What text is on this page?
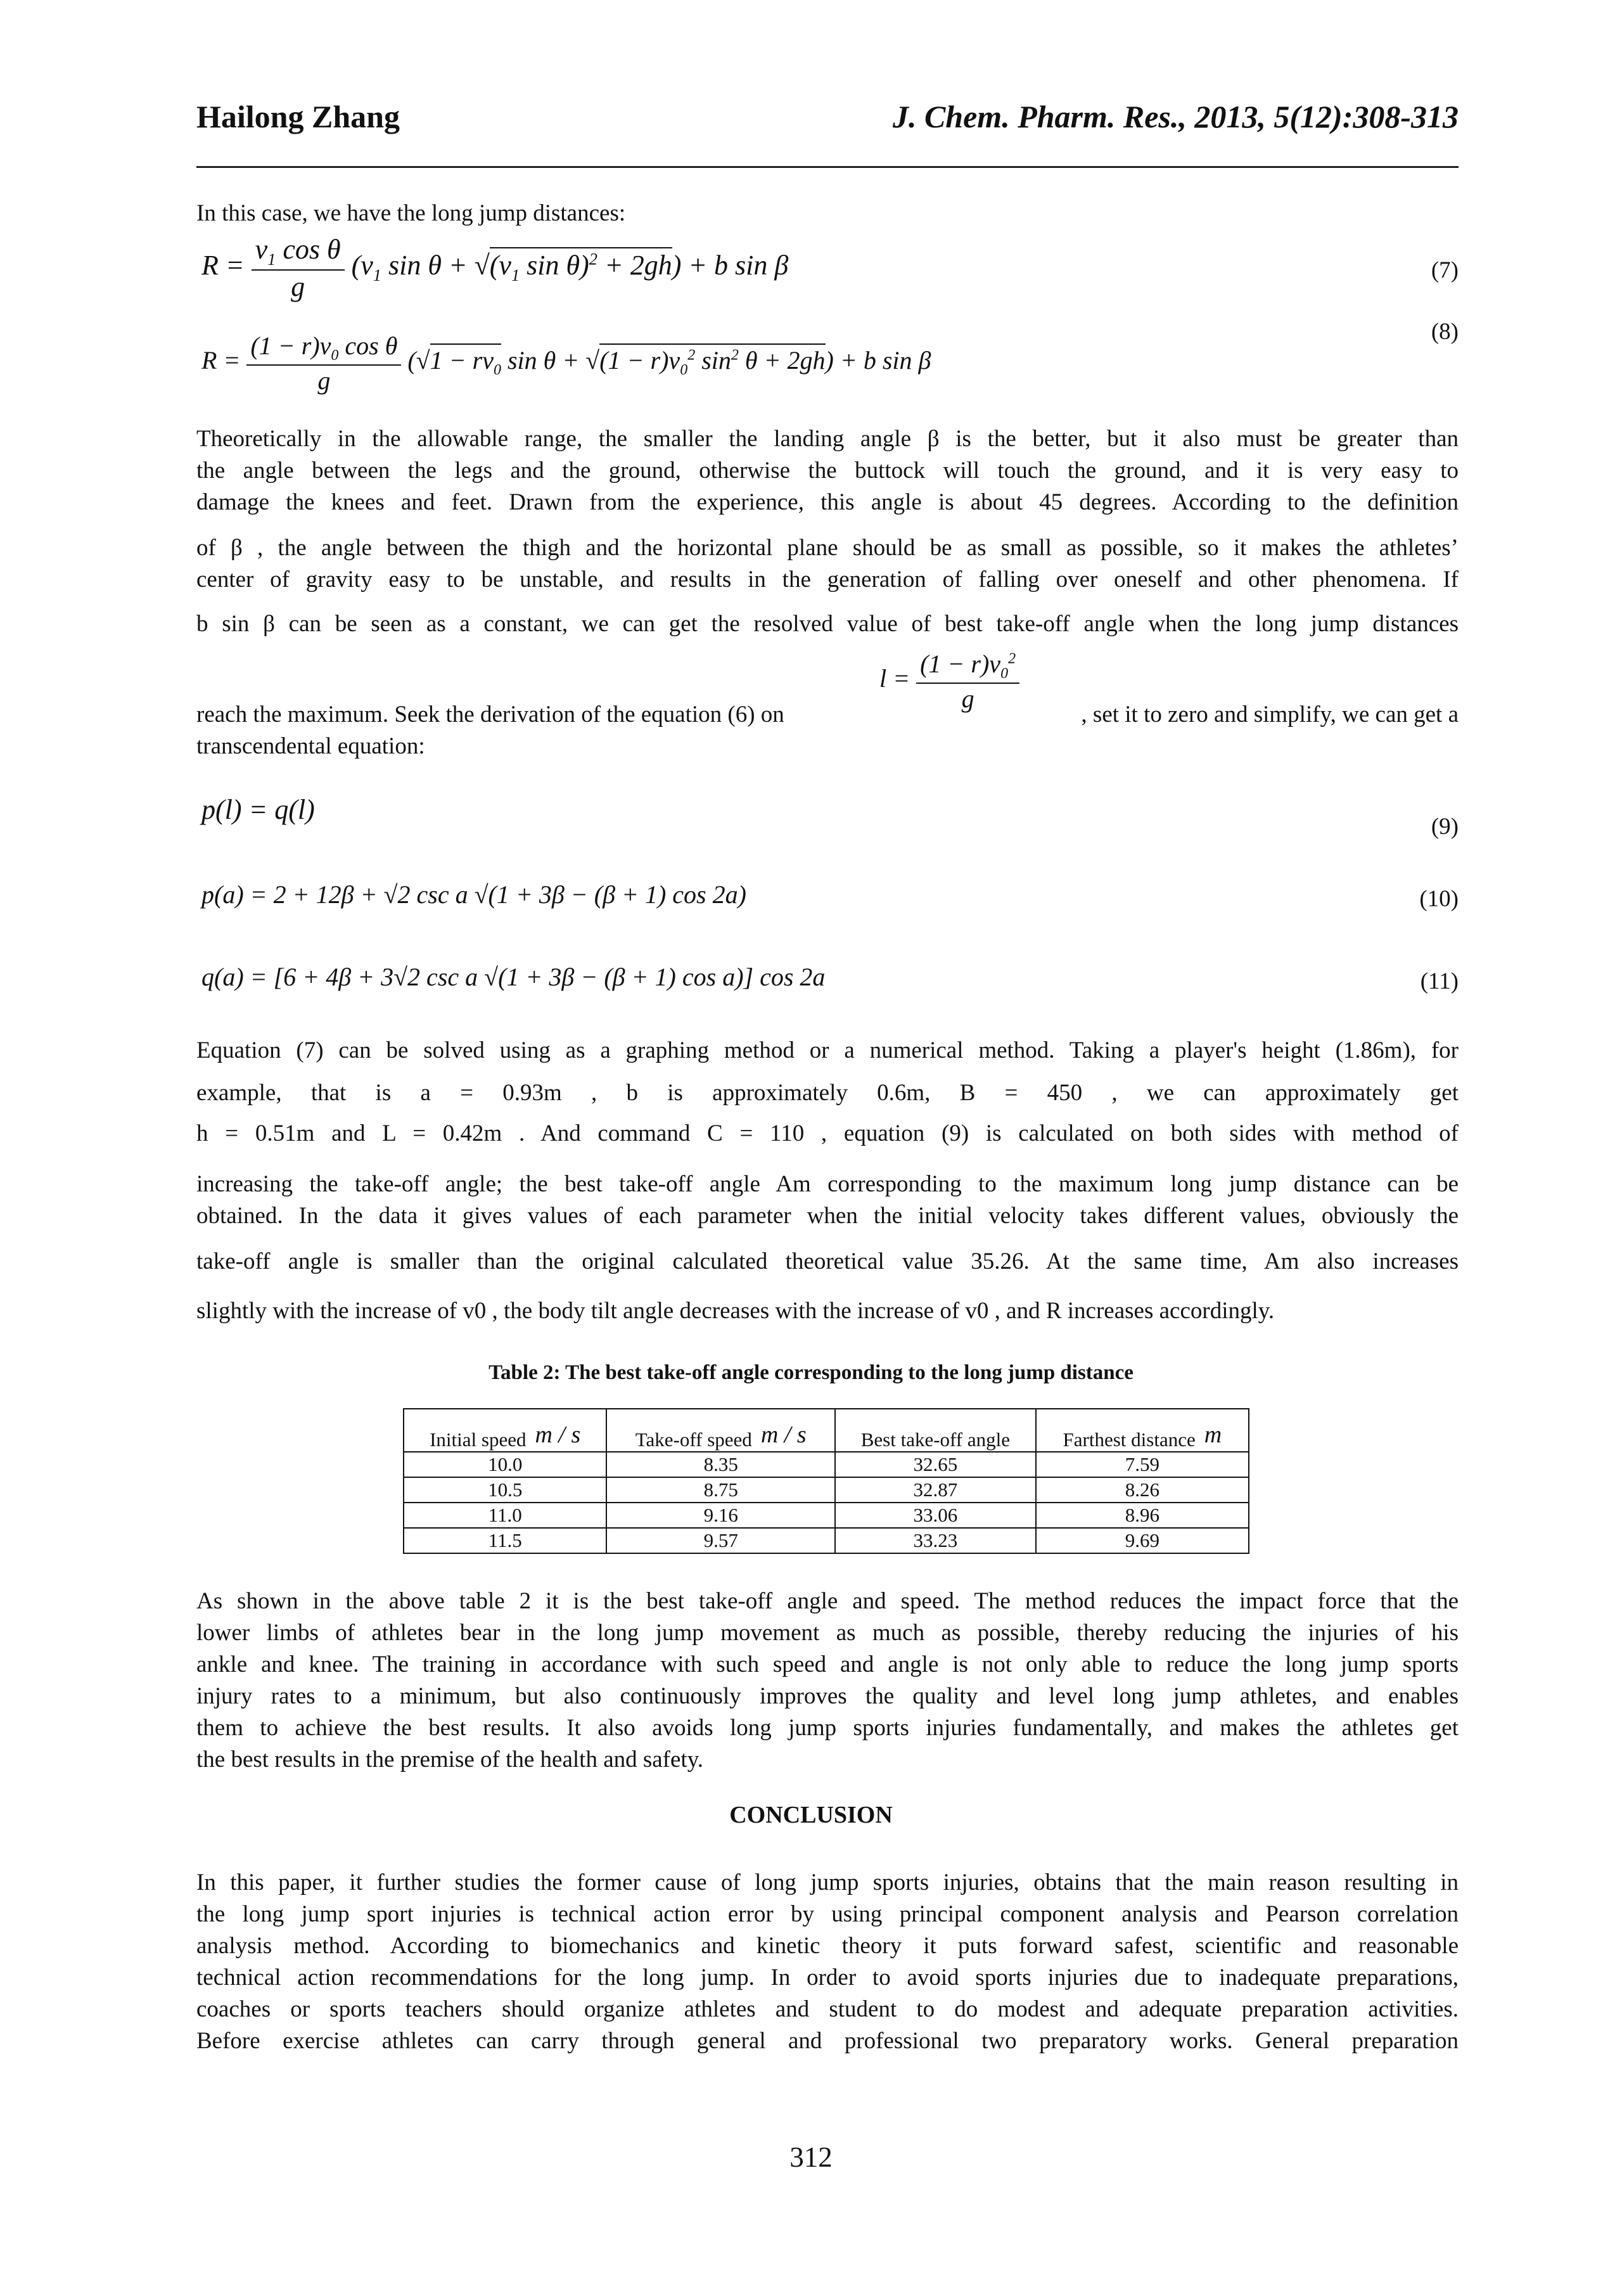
Hailong Zhang	J. Chem. Pharm. Res., 2013, 5(12):308-313
In this case, we have the long jump distances:
$R = \frac{v_1 \cos \theta}{g} (v_1$ $\sin \theta + √(v_1$ sin θ)$^2$ + 2gh) + b sin β	(7)
$R = \frac{(1 - r)v_0 \cos \theta}{g} (√1 - rv_0$ $\sin \theta + √(1 - r)v_0^2$ $\sin^2 \theta + 2gh) + b$ sin β
(8)
Theoretically in the allowable range, the smaller the landing angle β is the better, but it also must be greater than
the angle between the legs and the ground, otherwise the buttock will touch the ground, and it is very easy to
damage the knees and feet. Drawn from the experience, this angle is about 45 degrees. According to the definition
of β , the angle between the thigh and the horizontal plane should be as small as possible, so it makes the athletes’
center of gravity easy to be unstable, and results in the generation of falling over oneself and other phenomena. If
b sin β can be seen as a constant, we can get the resolved value of best take-off angle when the long jump distances
$l = \frac{(1 - r)v_0^2}{g}$
reach the maximum. Seek the derivation of the equation (6) on	, set it to zero and simplify, we can get a
transcendental equation:
p(l) = q(l)
(9)
p(a) = 2 + 12β + √2 csc a √(1 + 3β − (β + 1) cos 2a)	(10)
q(a) = [6 + 4β + 3√2 csc a √(1 + 3β − (β + 1) cos a)] cos 2a	(11)
Equation (7) can be solved using as a graphing method or a numerical method. Taking a player's height (1.86m), for
example, that is a = 0.93m , b is approximately 0.6m, B = 450 , we can approximately get
h = 0.51m and L = 0.42m . And command C = 110 , equation (9) is calculated on both sides with method of
increasing the take-off angle; the best take-off angle Am corresponding to the maximum long jump distance can be
obtained. In the data it gives values of each parameter when the initial velocity takes different values, obviously the
take-off angle is smaller than the original calculated theoretical value 35.26. At the same time, Am also increases
slightly with the increase of v0 , the body tilt angle decreases with the increase of v0 , and R increases accordingly.
Table 2: The best take-off angle corresponding to the long jump distance
Initial speed m / s	Take-off speed m / s	Best take-off angle	Farthest distance m
10.0	8.35	32.65	7.59
10.5	8.75	32.87	8.26
11.0	9.16	33.06	8.96
11.5	9.57	33.23	9.69
As shown in the above table 2 it is the best take-off angle and speed. The method reduces the impact force that the
lower limbs of athletes bear in the long jump movement as much as possible, thereby reducing the injuries of his
ankle and knee. The training in accordance with such speed and angle is not only able to reduce the long jump sports
injury rates to a minimum, but also continuously improves the quality and level long jump athletes, and enables
them to achieve the best results. It also avoids long jump sports injuries fundamentally, and makes the athletes get
the best results in the premise of the health and safety.
CONCLUSION
In this paper, it further studies the former cause of long jump sports injuries, obtains that the main reason resulting in
the long jump sport injuries is technical action error by using principal component analysis and Pearson correlation
analysis method. According to biomechanics and kinetic theory it puts forward safest, scientific and reasonable
technical action recommendations for the long jump. In order to avoid sports injuries due to inadequate preparations,
coaches or sports teachers should organize athletes and student to do modest and adequate preparation activities.
Before exercise athletes can carry through general and professional two preparatory works. General preparation
312
